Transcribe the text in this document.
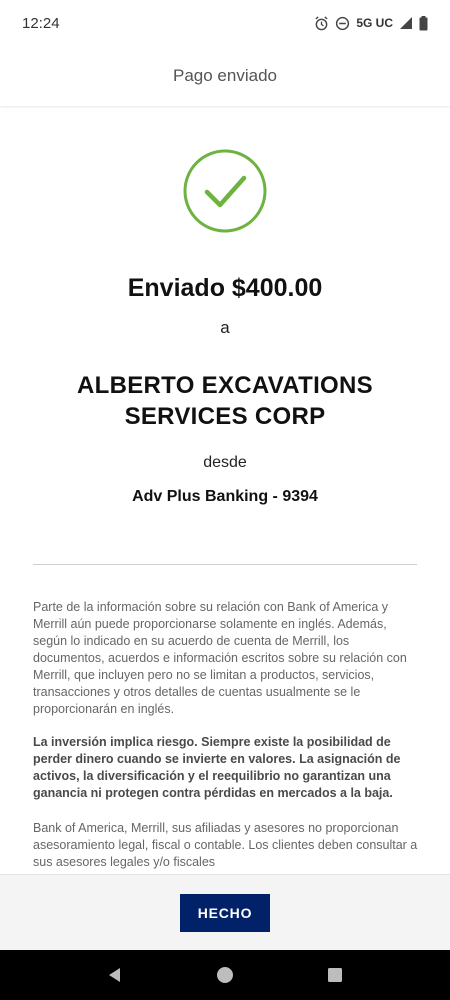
12:24	5G UC
Pago enviado
Enviado $400.00
a
ALBERTO EXCAVATIONS SERVICES CORP
desde
Adv Plus Banking - 9394

Parte de la información sobre su relación con Bank of America y Merrill aún puede proporcionarse solamente en inglés. Además, según lo indicado en su acuerdo de cuenta de Merrill, los documentos, acuerdos e información escritos sobre su relación con Merrill, que incluyen pero no se limitan a productos, servicios, transacciones y otros detalles de cuentas usualmente se le proporcionarán en inglés.

La inversión implica riesgo. Siempre existe la posibilidad de perder dinero cuando se invierte en valores. La asignación de activos, la diversificación y el reequilibrio no garantizan una ganancia ni protegen contra pérdidas en mercados a la baja.

Bank of America, Merrill, sus afiliadas y asesores no proporcionan asesoramiento legal, fiscal o contable. Los clientes deben consultar a sus asesores legales y/o fiscales

HECHO
